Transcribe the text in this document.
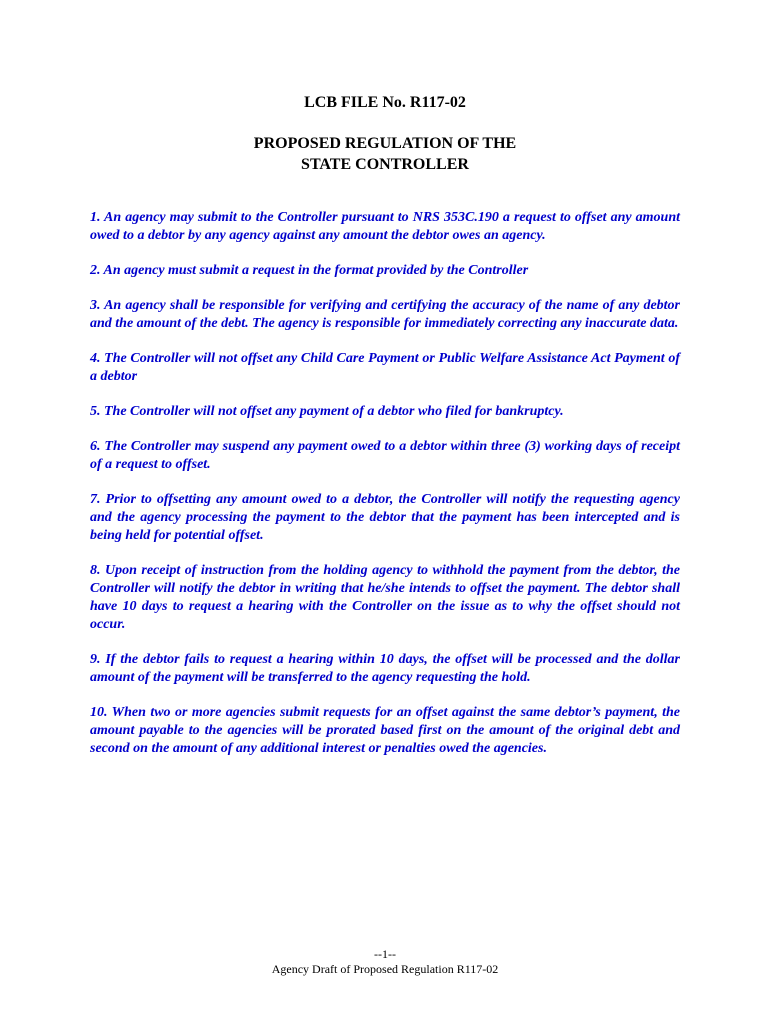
LCB FILE No. R117-02
PROPOSED REGULATION OF THE
STATE CONTROLLER

1. An agency may submit to the Controller pursuant to NRS 353C.190 a request to offset any amount owed to a debtor by any agency against any amount the debtor owes an agency.

2. An agency must submit a request in the format provided by the Controller

3. An agency shall be responsible for verifying and certifying the accuracy of the name of any debtor and the amount of the debt. The agency is responsible for immediately correcting any inaccurate data.

4. The Controller will not offset any Child Care Payment or Public Welfare Assistance Act Payment of a debtor

5. The Controller will not offset any payment of a debtor who filed for bankruptcy.

6. The Controller may suspend any payment owed to a debtor within three (3) working days of receipt of a request to offset.

7. Prior to offsetting any amount owed to a debtor, the Controller will notify the requesting agency and the agency processing the payment to the debtor that the payment has been intercepted and is being held for potential offset.

8. Upon receipt of instruction from the holding agency to withhold the payment from the debtor, the Controller will notify the debtor in writing that he/she intends to offset the payment. The debtor shall have 10 days to request a hearing with the Controller on the issue as to why the offset should not occur.

9. If the debtor fails to request a hearing within 10 days, the offset will be processed and the dollar amount of the payment will be transferred to the agency requesting the hold.

10. When two or more agencies submit requests for an offset against the same debtor’s payment, the amount payable to the agencies will be prorated based first on the amount of the original debt and second on the amount of any additional interest or penalties owed the agencies.

--1--
Agency Draft of Proposed Regulation R117-02
